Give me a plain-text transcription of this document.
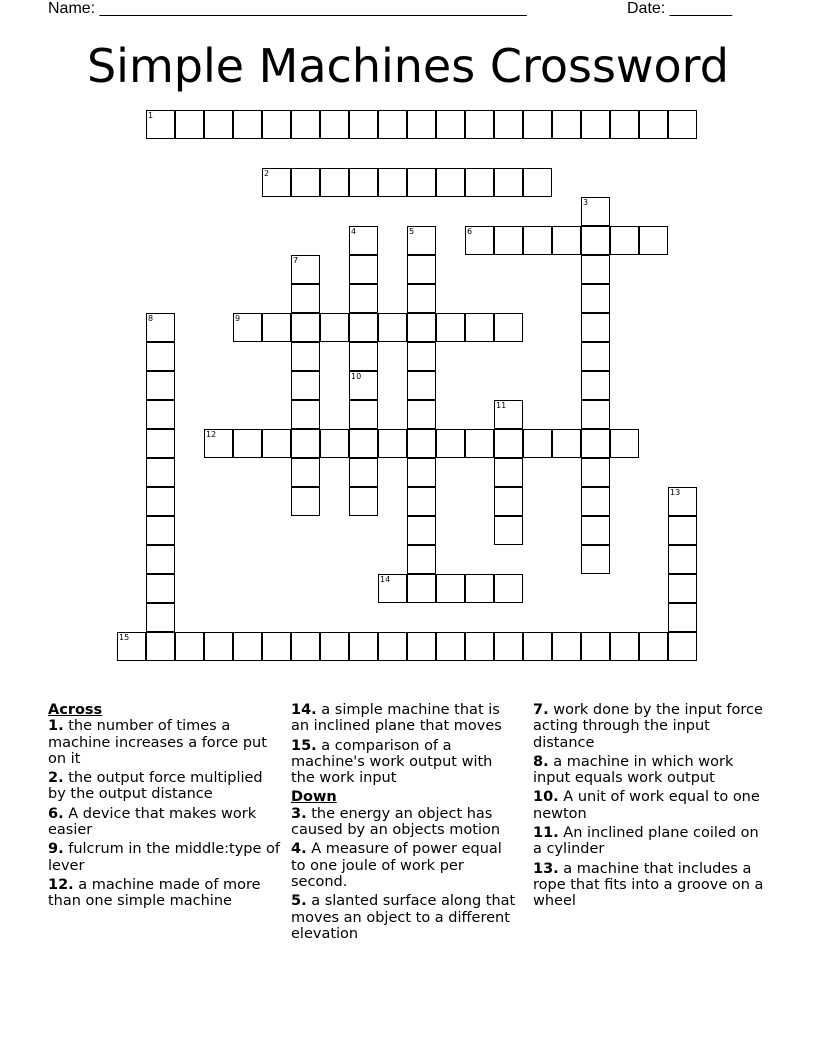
Name: ________________________________________________	Date: _______
Simple Machines Crossword
1
2
3
4
10
5	6
7
8	9
11
12
13
14
15
Across
1. the number of times a machine increases a force put on it
2. the output force multiplied by the output distance
6. A device that makes work easier
9. fulcrum in the middle:type of lever
12. a machine made of more than one simple machine
14. a simple machine that is an inclined plane that moves
15. a comparison of a machine's work output with the work input
Down
3. the energy an object has caused by an objects motion
4. A measure of power equal to one joule of work per second.
5. a slanted surface along that moves an object to a different elevation
7. work done by the input force acting through the input distance
8. a machine in which work input equals work output
10. A unit of work equal to one newton
11. An inclined plane coiled on a cylinder
13. a machine that includes a rope that fits into a groove on a wheel
